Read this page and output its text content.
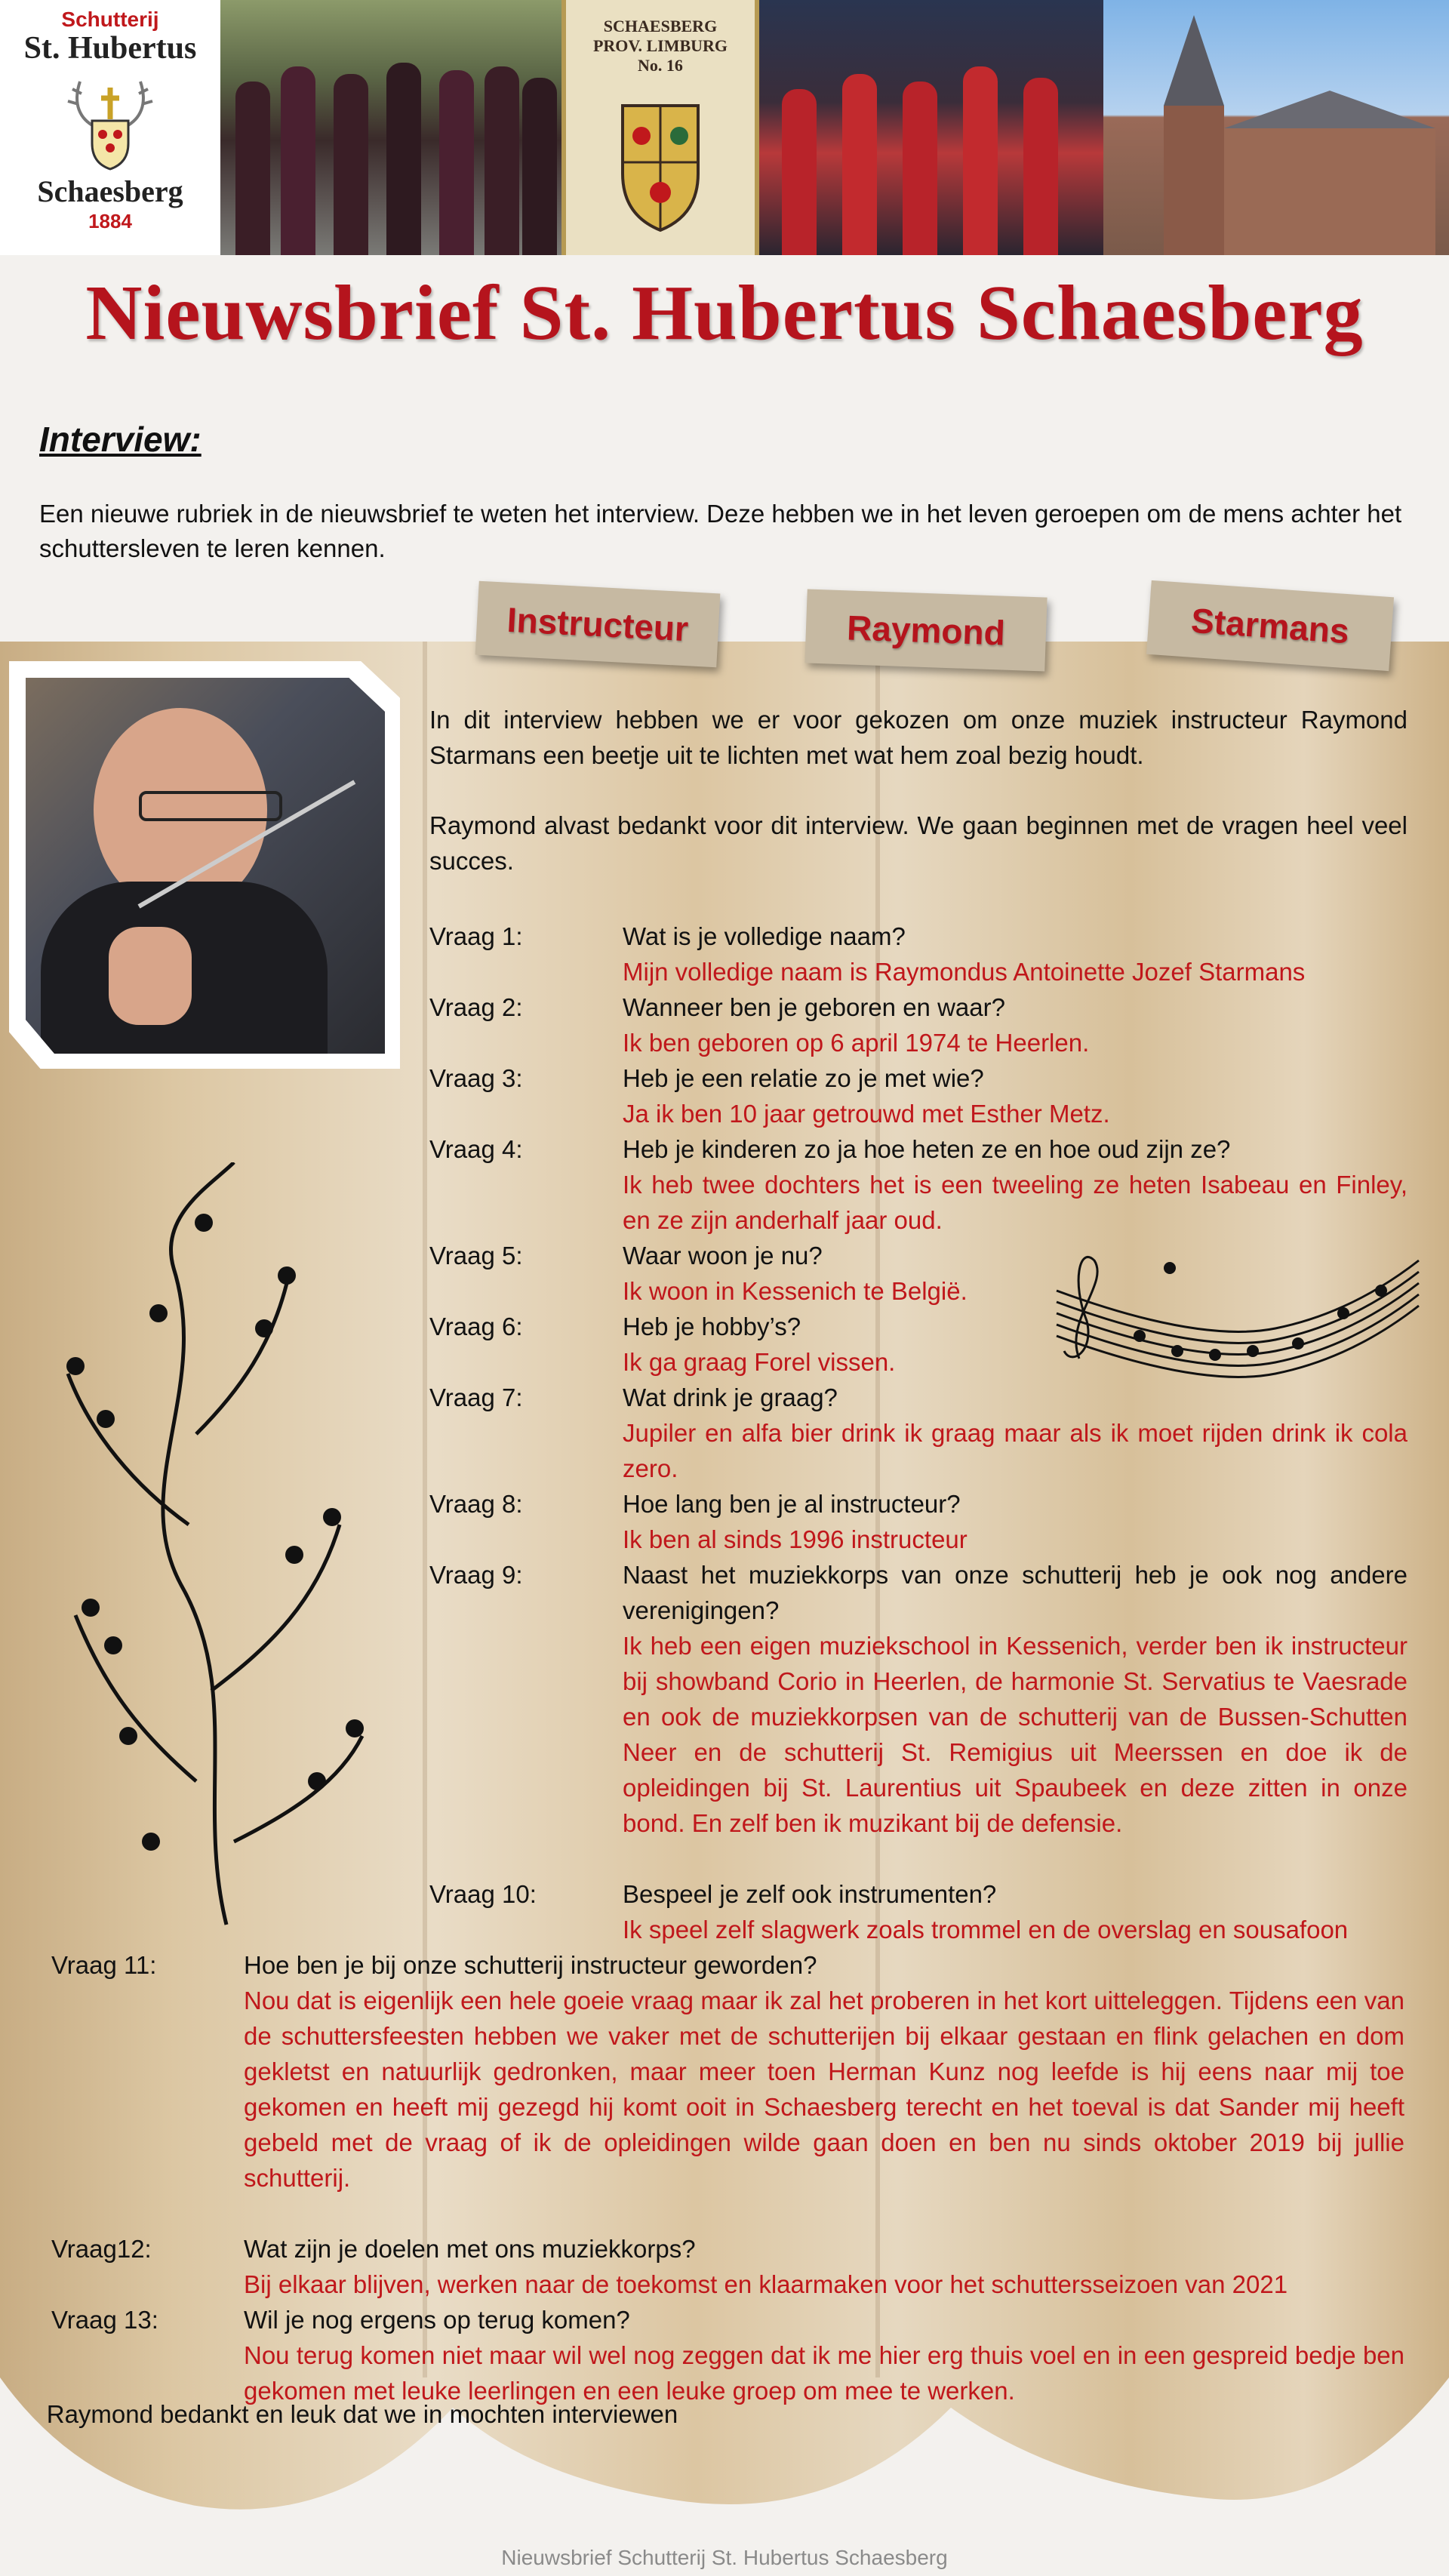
Schutterij
St. Hubertus
Schaesberg
1884
SCHAESBERG
PROV. LIMBURG
No. 16
Nieuwsbrief St. Hubertus Schaesberg
Interview:
Een nieuwe rubriek in de nieuwsbrief te weten het interview. Deze hebben we in het leven geroepen om de mens achter het schuttersleven te leren kennen.
Instructeur	Raymond	Starmans
In dit interview hebben we er voor gekozen om onze muziek instructeur Raymond Starmans een beetje uit te lichten met wat hem zoal bezig houdt.
Raymond alvast bedankt voor dit interview. We gaan beginnen met de vragen heel veel succes.
Vraag 1:	Wat is je volledige naam?
Mijn volledige naam is Raymondus Antoinette Jozef Starmans
Vraag 2:	Wanneer ben je geboren en waar?
Ik ben geboren op 6 april 1974 te Heerlen.
Vraag 3:	Heb je een relatie zo je met wie?
Ja ik ben 10 jaar getrouwd met Esther Metz.
Vraag 4:	Heb je kinderen zo ja hoe heten ze en hoe oud zijn ze?
Ik heb twee dochters het is een tweeling ze heten Isabeau en Finley, en ze zijn anderhalf jaar oud.
Vraag 5:	Waar woon je nu?
Ik woon in Kessenich te België.
Vraag 6:	Heb je hobby’s?
Ik ga graag Forel vissen.
Vraag 7:	Wat drink je graag?
Jupiler en alfa bier drink ik graag maar als ik moet rijden drink ik cola zero.
Vraag 8:	Hoe lang ben je al instructeur?
Ik ben al sinds 1996 instructeur
Vraag 9:	Naast het muziekkorps van onze schutterij heb je ook nog andere verenigingen?
Ik heb een eigen muziekschool in Kessenich, verder ben ik instructeur bij showband Corio in Heerlen, de harmonie St. Servatius te Vaesrade en ook de muziekkorpsen van de schutterij van de Bussen-Schutten Neer en de schutterij St. Remigius uit Meerssen en doe ik de opleidingen bij St. Laurentius uit Spaubeek en deze zitten in onze bond. En zelf ben ik muzikant bij de defensie.
Vraag 10:	Bespeel je zelf ook instrumenten?
Ik speel zelf slagwerk zoals trommel en de overslag en sousafoon
Vraag 11:	Hoe ben je bij onze schutterij instructeur geworden?
Nou dat is eigenlijk een hele goeie vraag maar ik zal het proberen in het kort uitteleggen. Tijdens een van de schuttersfeesten hebben we vaker met de schutterijen bij elkaar gestaan en flink gelachen en dom gekletst en natuurlijk gedronken, maar meer toen Herman Kunz nog leefde is hij eens naar mij toe gekomen en heeft mij gezegd hij komt ooit in Schaesberg terecht en het toeval is dat Sander mij heeft gebeld met de vraag of ik de opleidingen wilde gaan doen en ben nu sinds oktober 2019 bij jullie schutterij.
Vraag12:	Wat zijn je doelen met ons muziekkorps?
Bij elkaar blijven, werken naar de toekomst en klaarmaken voor het schuttersseizoen van 2021
Vraag 13:	Wil je nog ergens op terug komen?
Nou terug komen niet maar wil wel nog zeggen dat ik me hier erg thuis voel en in een gespreid bedje ben gekomen met leuke leerlingen en een leuke groep om mee te werken.
Raymond bedankt en leuk dat we in mochten interviewen
Nieuwsbrief Schutterij St. Hubertus Schaesberg
